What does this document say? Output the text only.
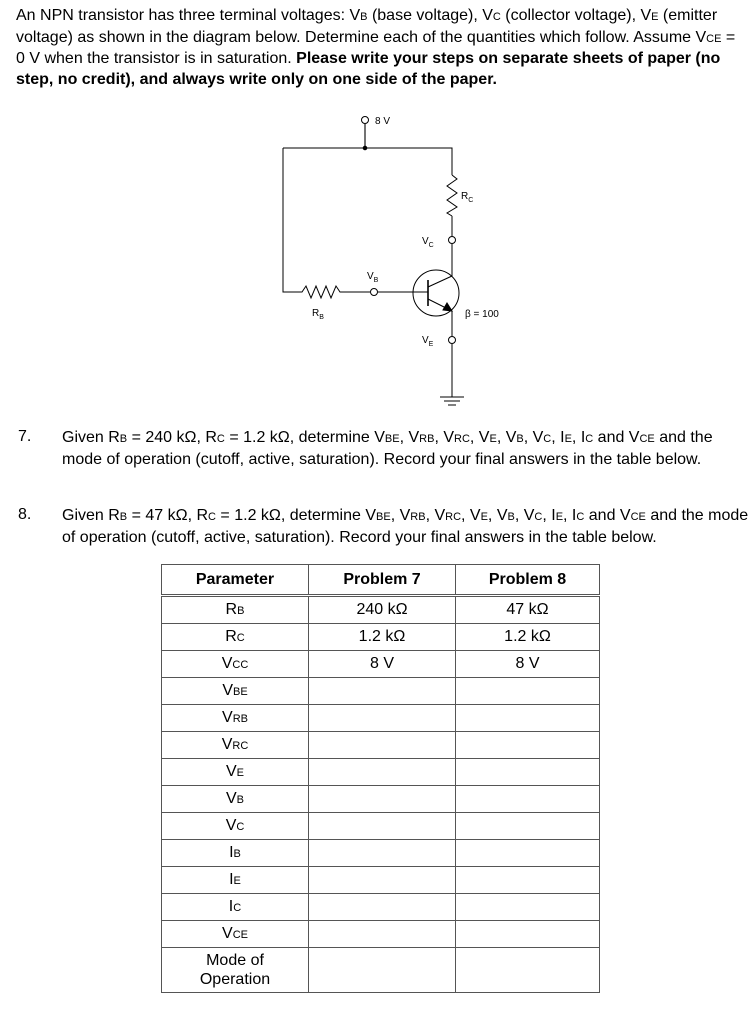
An NPN transistor has three terminal voltages: VB (base voltage), VC (collector voltage), VE (emitter voltage) as shown in the diagram below. Determine each of the quantities which follow. Assume VCE = 0 V when the transistor is in saturation. Please write your steps on separate sheets of paper (no step, no credit), and always write only on one side of the paper.
8 V
$R_C$
$V_C$
$V_B$
$R_B$	β = 100
$V_E$
7. Given RB = 240 kΩ, RC = 1.2 kΩ, determine VBE, VRB, VRC, VE, VB, VC, IE, IC and VCE and the mode of operation (cutoff, active, saturation). Record your final answers in the table below.
8. Given RB = 47 kΩ, RC = 1.2 kΩ, determine VBE, VRB, VRC, VE, VB, VC, IE, IC and VCE and the mode of operation (cutoff, active, saturation). Record your final answers in the table below.
Parameter	Problem 7	Problem 8
RB	240 kΩ	47 kΩ
RC	1.2 kΩ	1.2 kΩ
VCC	8 V	8 V
VBE		
VRB		
VRC		
VE		
VB		
VC		
IB		
IE		
IC		
VCE		
Mode of
Operation		
